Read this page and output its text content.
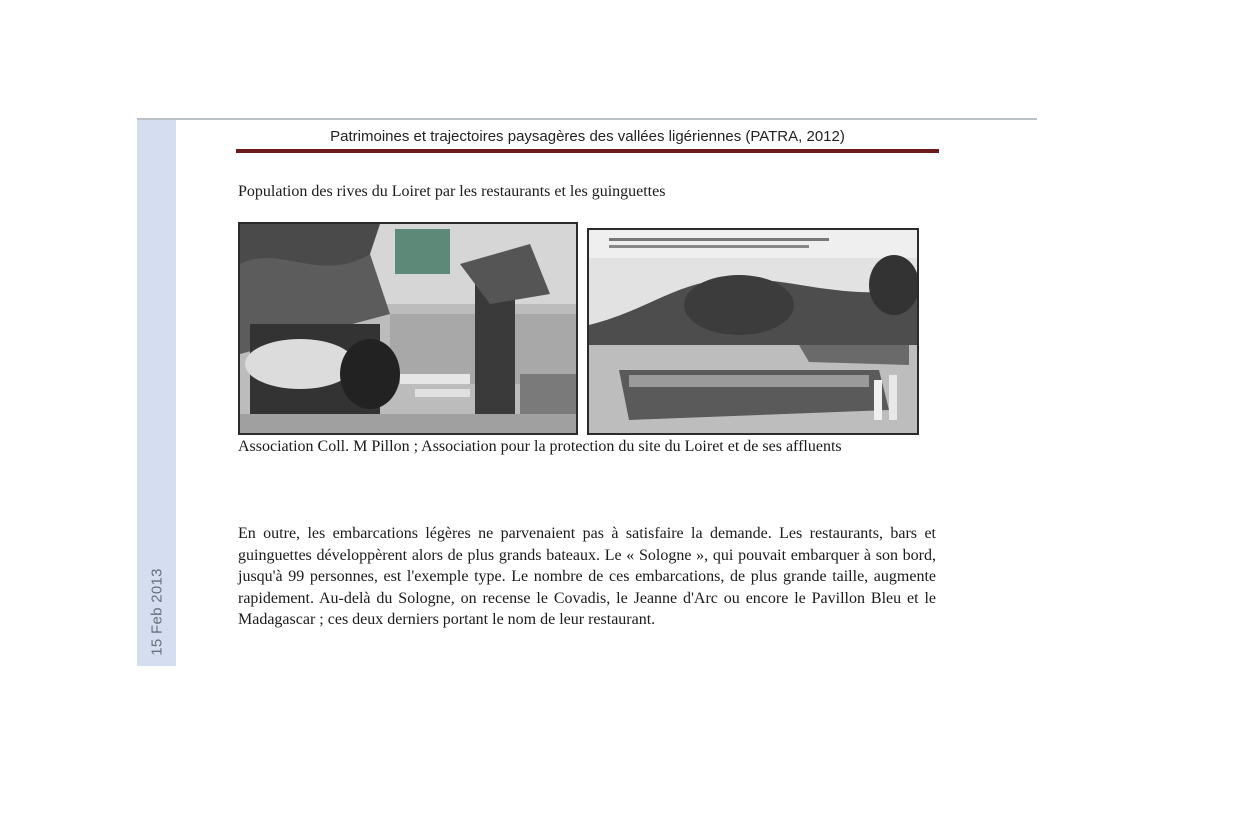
15 Feb 2013
Patrimoines et trajectoires paysagères des vallées ligériennes (PATRA, 2012)
Population des rives du Loiret par les restaurants et les guinguettes
Association Coll. M Pillon ; Association pour la protection du site du Loiret et de ses affluents
En outre, les embarcations légères ne parvenaient pas à satisfaire la demande. Les restaurants, bars et guinguettes développèrent alors de plus grands bateaux. Le « Sologne », qui pouvait embarquer à son bord, jusqu'à 99 personnes, est l'exemple type. Le nombre de ces embarcations, de plus grande taille, augmente rapidement. Au-delà du Sologne, on recense le Covadis, le Jeanne d'Arc ou encore le Pavillon Bleu et le Madagascar ; ces deux derniers portant le nom de leur restaurant.
